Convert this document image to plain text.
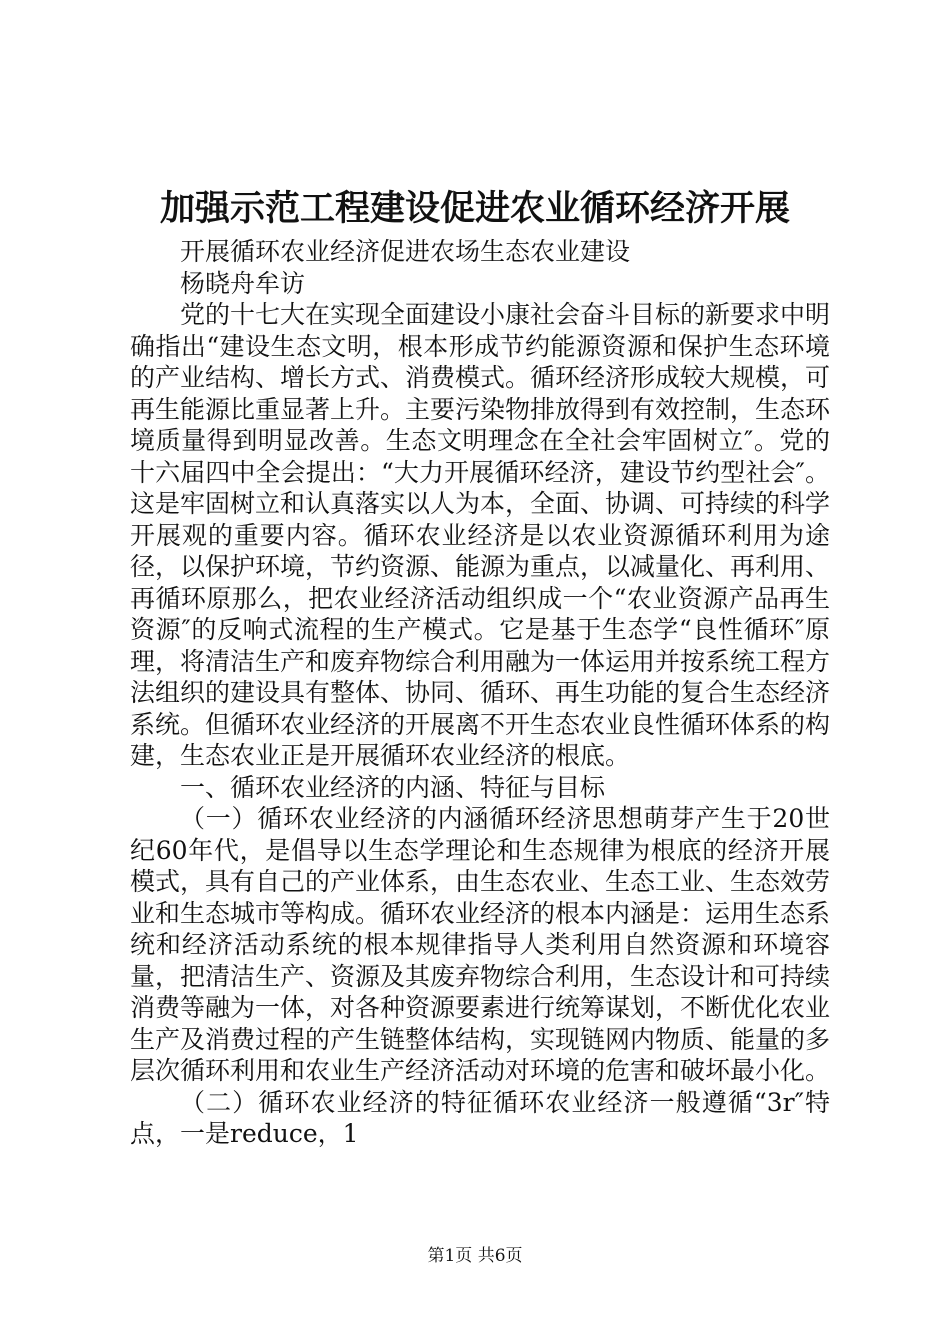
加强示范工程建设促进农业循环经济开展

开展循环农业经济促进农场生态农业建设

杨晓舟牟访

党的十七大在实现全面建设小康社会奋斗目标的新要求中明确指出“建设生态文明，根本形成节约能源资源和保护生态环境的产业结构、增长方式、消费模式。循环经济形成较大规模，可再生能源比重显著上升。主要污染物排放得到有效控制，生态环境质量得到明显改善。生态文明理念在全社会牢固树立″。党的十六届四中全会提出：“大力开展循环经济，建设节约型社会″。这是牢固树立和认真落实以人为本，全面、协调、可持续的科学开展观的重要内容。循环农业经济是以农业资源循环利用为途径，以保护环境，节约资源、能源为重点，以减量化、再利用、再循环原那么，把农业经济活动组织成一个“农业资源产品再生资源″的反响式流程的生产模式。它是基于生态学“良性循环″原理，将清洁生产和废弃物综合利用融为一体运用并按系统工程方法组织的建设具有整体、协同、循环、再生功能的复合生态经济系统。但循环农业经济的开展离不开生态农业良性循环体系的构建，生态农业正是开展循环农业经济的根底。

一、循环农业经济的内涵、特征与目标

（一）循环农业经济的内涵循环经济思想萌芽产生于20世纪60年代，是倡导以生态学理论和生态规律为根底的经济开展模式，具有自己的产业体系，由生态农业、生态工业、生态效劳业和生态城市等构成。循环农业经济的根本内涵是：运用生态系统和经济活动系统的根本规律指导人类利用自然资源和环境容量，把清洁生产、资源及其废弃物综合利用，生态设计和可持续消费等融为一体，对各种资源要素进行统筹谋划，不断优化农业生产及消费过程的产生链整体结构，实现链网内物质、能量的多层次循环利用和农业生产经济活动对环境的危害和破坏最小化。

（二）循环农业经济的特征循环农业经济一般遵循“3r″特点，一是reduce，1

第1页 共6页
